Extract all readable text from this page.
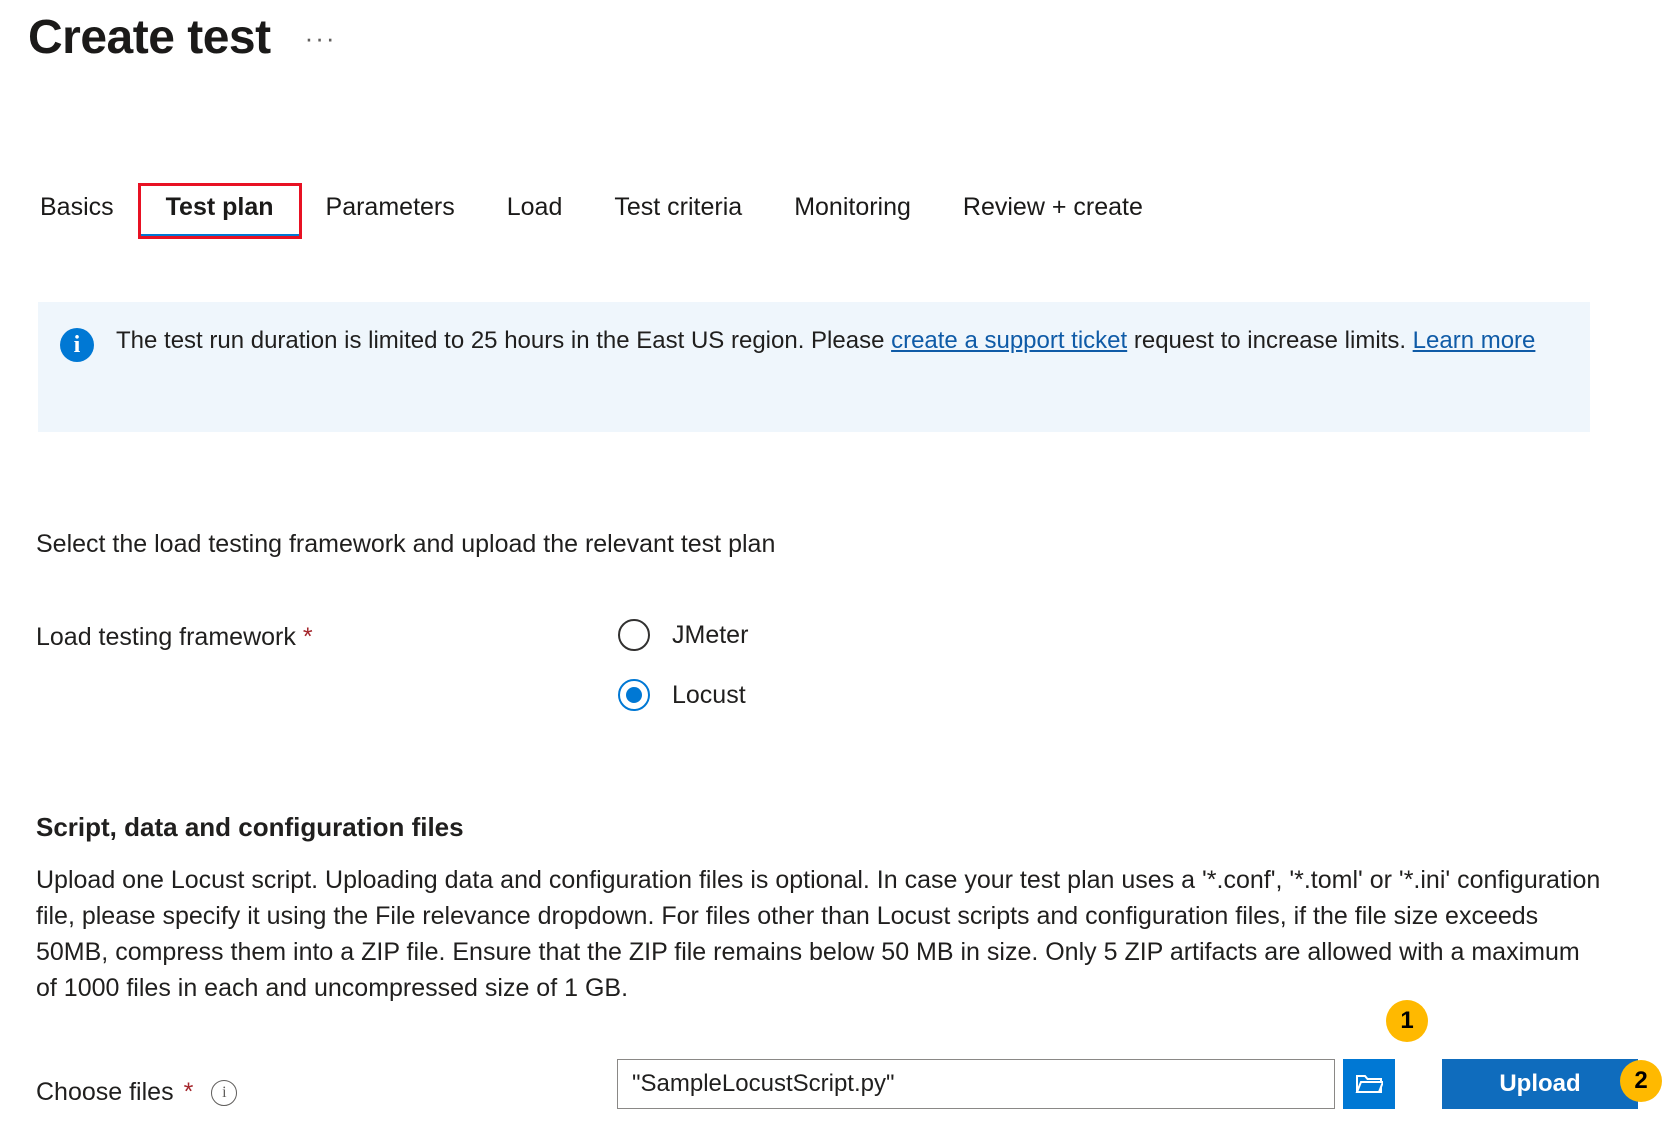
Create test ···
Basics	Test plan	Parameters	Load	Test criteria	Monitoring	Review + create
i	The test run duration is limited to 25 hours in the East US region. Please create a support ticket request to increase limits. Learn more
Select the load testing framework and upload the relevant test plan
Load testing framework *	JMeter
Locust
Script, data and configuration files
Upload one Locust script. Uploading data and configuration files is optional. In case your test plan uses a '*.conf', '*.toml' or '*.ini' configuration file, please specify it using the File relevance dropdown. For files other than Locust scripts and configuration files, if the file size exceeds 50MB, compress them into a ZIP file. Ensure that the ZIP file remains below 50 MB in size. Only 5 ZIP artifacts are allowed with a maximum of 1000 files in each and uncompressed size of 1 GB.
Choose files *	i	"SampleLocustScript.py"	Upload
1
2
